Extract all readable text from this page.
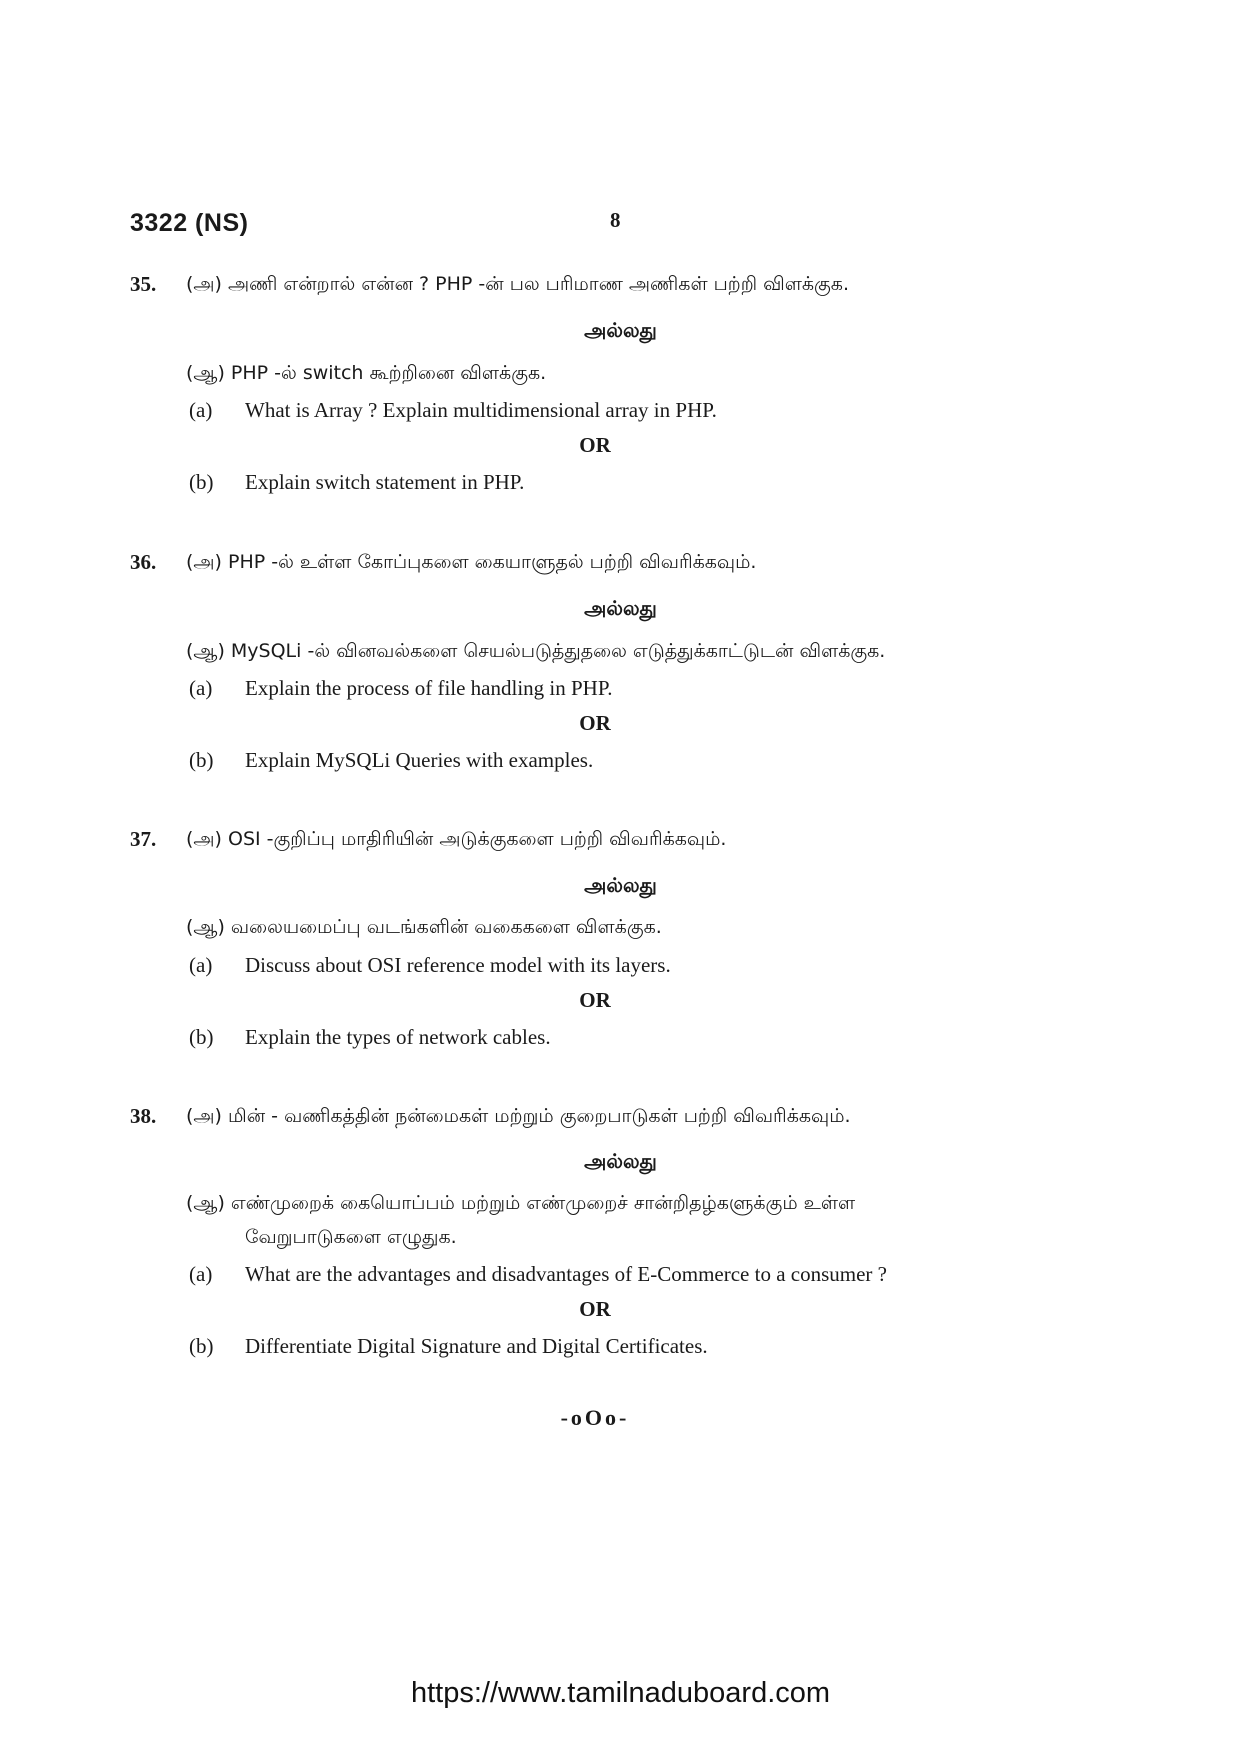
3322 (NS)	8
35. (அ) அணி என்றால் என்ன ? PHP -ன் பல பரிமாண அணிகள் பற்றி விளக்குக.
அல்லது
(ஆ) PHP -ல் switch கூற்றினை விளக்குக.
(a) What is Array ? Explain multidimensional array in PHP.
OR
(b) Explain switch statement in PHP.
36. (அ) PHP -ல் உள்ள கோப்புகளை கையாளுதல் பற்றி விவரிக்கவும்.
அல்லது
(ஆ) MySQLi -ல் வினவல்களை செயல்படுத்துதலை எடுத்துக்காட்டுடன் விளக்குக.
(a) Explain the process of file handling in PHP.
OR
(b) Explain MySQLi Queries with examples.
37. (அ) OSI -குறிப்பு மாதிரியின் அடுக்குகளை பற்றி விவரிக்கவும்.
அல்லது
(ஆ) வலையமைப்பு வடங்களின் வகைகளை விளக்குக.
(a) Discuss about OSI reference model with its layers.
OR
(b) Explain the types of network cables.
38. (அ) மின் - வணிகத்தின் நன்மைகள் மற்றும் குறைபாடுகள் பற்றி விவரிக்கவும்.
அல்லது
(ஆ) எண்முறைக் கையொப்பம் மற்றும் எண்முறைச் சான்றிதழ்களுக்கும் உள்ள
வேறுபாடுகளை எழுதுக.
(a) What are the advantages and disadvantages of E-Commerce to a consumer ?
OR
(b) Differentiate Digital Signature and Digital Certificates.
-oOo-
https://www.tamilnaduboard.com
